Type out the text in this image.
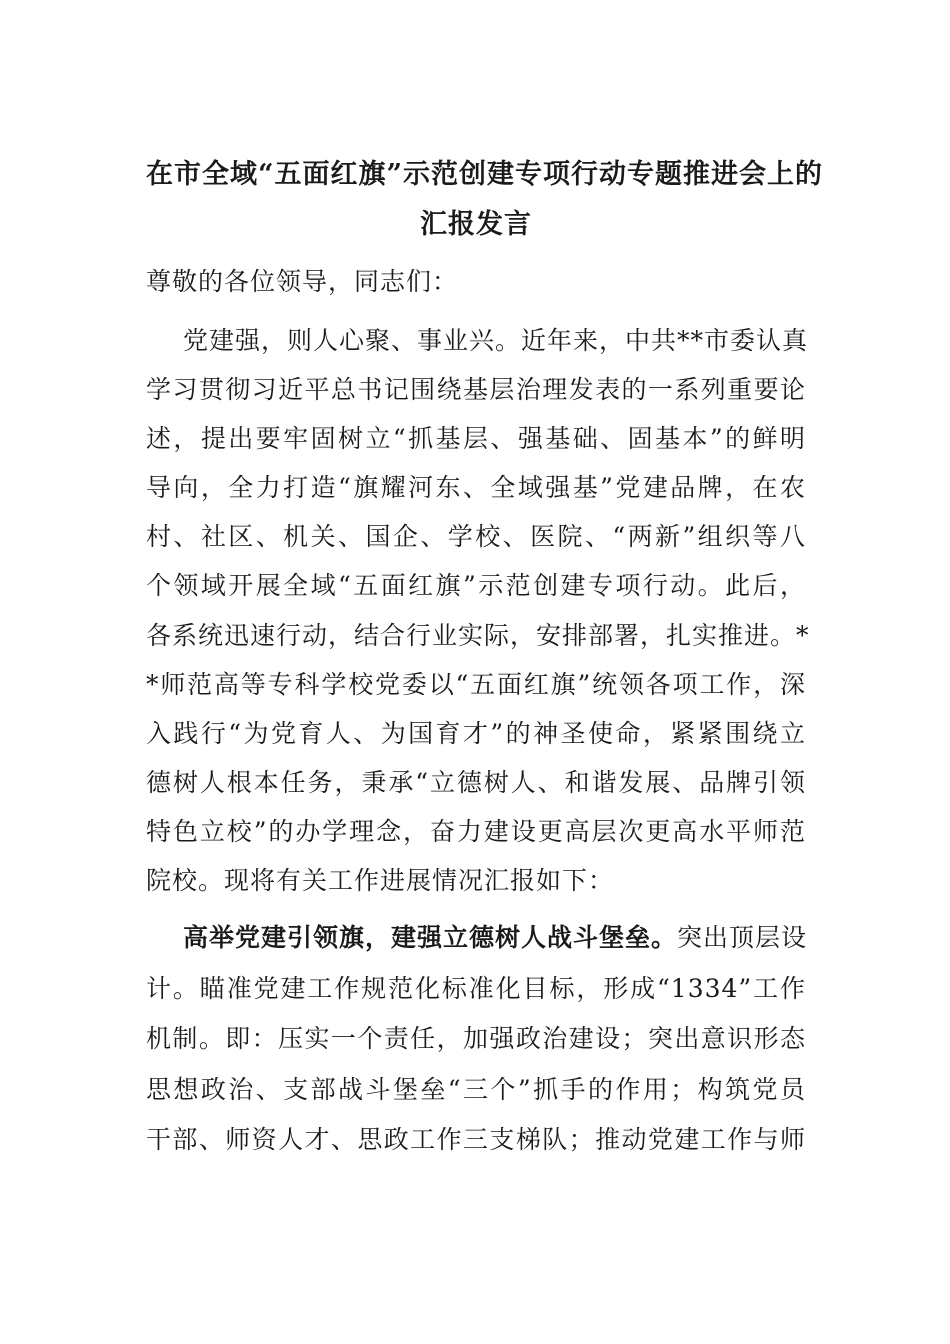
在市全域“五面红旗”示范创建专项行动专题推进会上的
汇报发言

尊敬的各位领导，同志们：

党建强，则人心聚、事业兴。近年来，中共**市委认真
学习贯彻习近平总书记围绕基层治理发表的一系列重要论
述，提出要牢固树立“抓基层、强基础、固基本”的鲜明
导向，全力打造“旗耀河东、全域强基”党建品牌，在农
村、社区、机关、国企、学校、医院、“两新”组织等八
个领域开展全域“五面红旗”示范创建专项行动。此后，
各系统迅速行动，结合行业实际，安排部署，扎实推进。*
*师范高等专科学校党委以“五面红旗”统领各项工作，深
入践行“为党育人、为国育才”的神圣使命，紧紧围绕立
德树人根本任务，秉承“立德树人、和谐发展、品牌引领
特色立校”的办学理念，奋力建设更高层次更高水平师范
院校。现将有关工作进展情况汇报如下：
高举党建引领旗，建强立德树人战斗堡垒。突出顶层设
计。瞄准党建工作规范化标准化目标，形成“1334”工作
机制。即：压实一个责任，加强政治建设；突出意识形态
思想政治、支部战斗堡垒“三个”抓手的作用；构筑党员
干部、师资人才、思政工作三支梯队；推动党建工作与师
